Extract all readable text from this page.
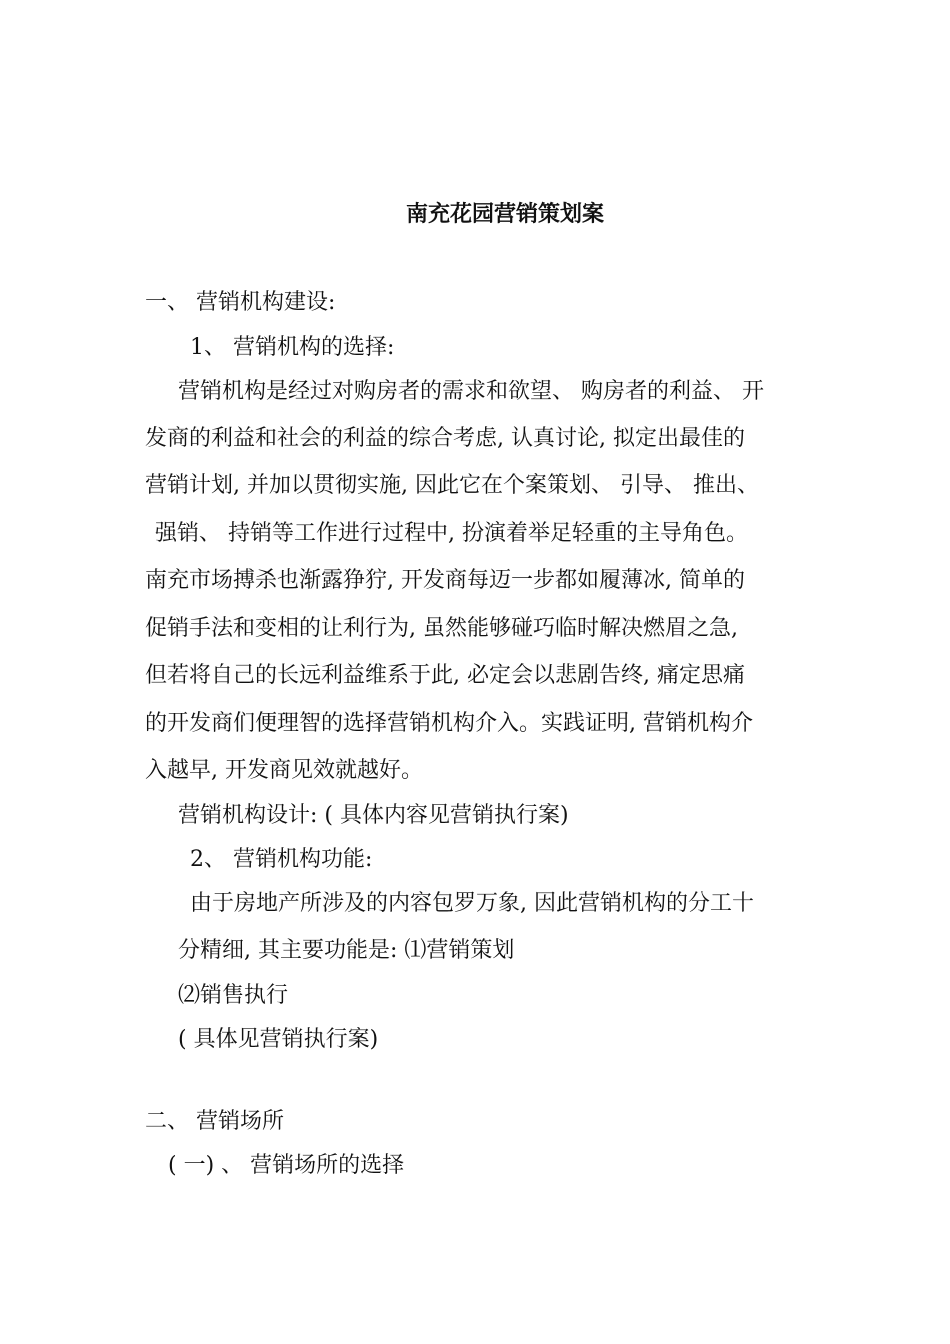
南充花园营销策划案
一、 营销机构建设:
1、 营销机构的选择:
营销机构是经过对购房者的需求和欲望、 购房者的利益、 开
发商的利益和社会的利益的综合考虑, 认真讨论, 拟定出最佳的
营销计划, 并加以贯彻实施, 因此它在个案策划、 引导、 推出、
强销、 持销等工作进行过程中, 扮演着举足轻重的主导角色。
南充市场搏杀也渐露狰狞, 开发商每迈一步都如履薄冰, 简单的
促销手法和变相的让利行为, 虽然能够碰巧临时解决燃眉之急,
但若将自己的长远利益维系于此, 必定会以悲剧告终, 痛定思痛
的开发商们便理智的选择营销机构介入。实践证明, 营销机构介
入越早, 开发商见效就越好。
营销机构设计: ( 具体内容见营销执行案)
2、 营销机构功能:
由于房地产所涉及的内容包罗万象, 因此营销机构的分工十
分精细, 其主要功能是: ⑴营销策划
⑵销售执行
( 具体见营销执行案)
二、 营销场所
( 一) 、 营销场所的选择
